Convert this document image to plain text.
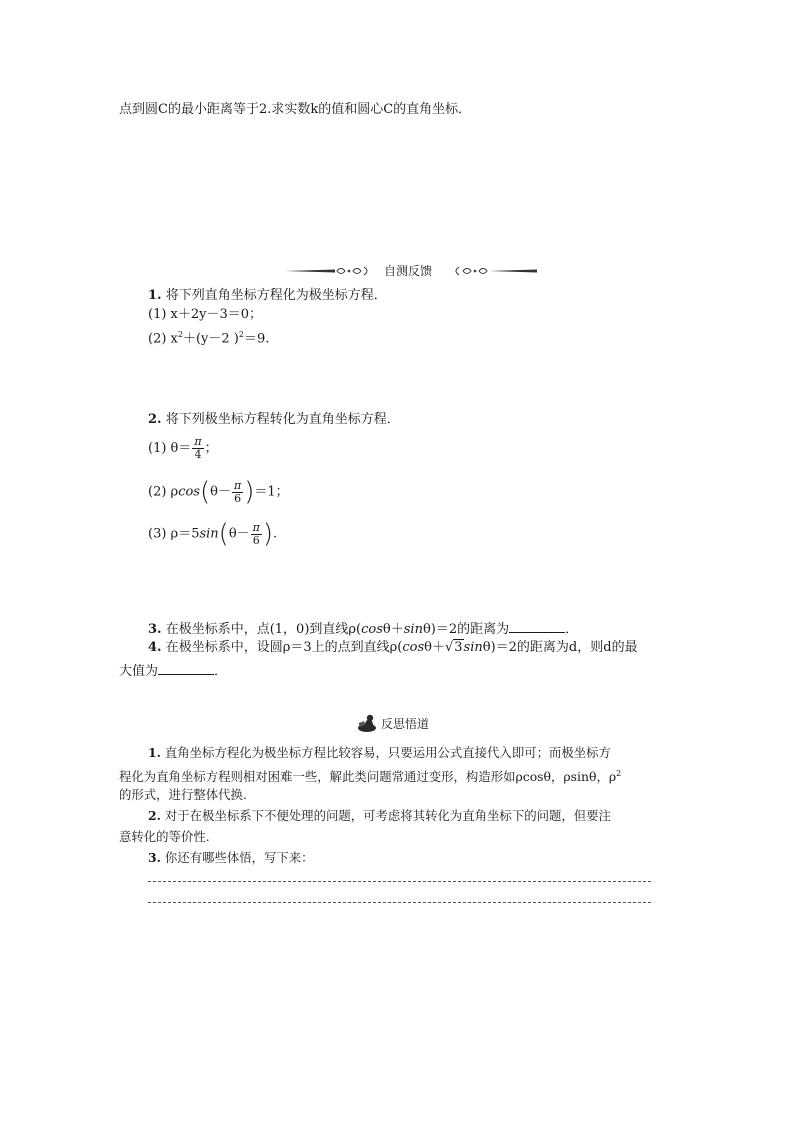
点到圆C的最小距离等于2.求实数k的值和圆心C的直角坐标．
自测反馈
1. 将下列直角坐标方程化为极坐标方程．
(1) x＋2y－3＝0；
(2) $x^2+(y-2$ )$^2$＝9.
2. 将下列极坐标方程转化为直角坐标方程．
(1) $\theta= \frac{\pi}{4}$ ；
(2) $\rho\cos(\theta- \frac{\pi}{6} )=1$；
(3) $\rho=5\sin(\theta- \frac{\pi}{6}$ ).
3. 在极坐标系中，点(1，0)到直线ρ(cosθ＋sinθ)＝2的距离为	．
4. 在极坐标系中，设圆ρ＝3上的点到直线ρ(cosθ＋√3sinθ)＝2的距离为d，则d的最
大值为	．
反思悟道
1. 直角坐标方程化为极坐标方程比较容易，只要运用公式直接代入即可；而极坐标方
程化为直角坐标方程则相对困难一些，解此类问题常通过变形，构造形如ρcosθ，ρsinθ，$\rho^2$
的形式，进行整体代换.
2. 对于在极坐标系下不便处理的问题，可考虑将其转化为直角坐标下的问题，但要注
意转化的等价性.
3. 你还有哪些体悟，写下来：
